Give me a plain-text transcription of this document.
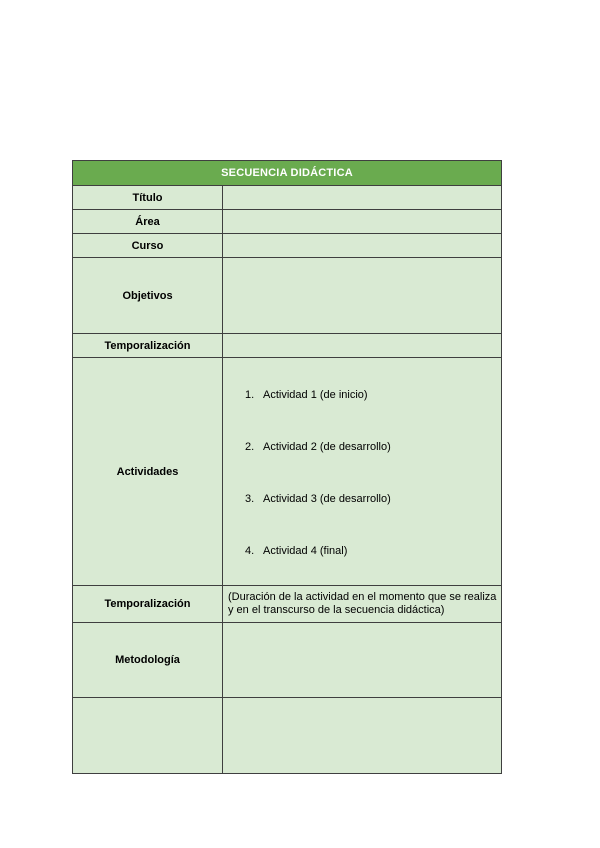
SECUENCIA DIDÁCTICA
Título
Área
Curso
Objetivos
Temporalización
Actividades
1. Actividad 1 (de inicio)
2. Actividad 2 (de desarrollo)
3. Actividad 3 (de desarrollo)
4. Actividad 4 (final)
Temporalización
(Duración de la actividad en el momento que se realiza y en el transcurso de la secuencia didáctica)
Metodología
